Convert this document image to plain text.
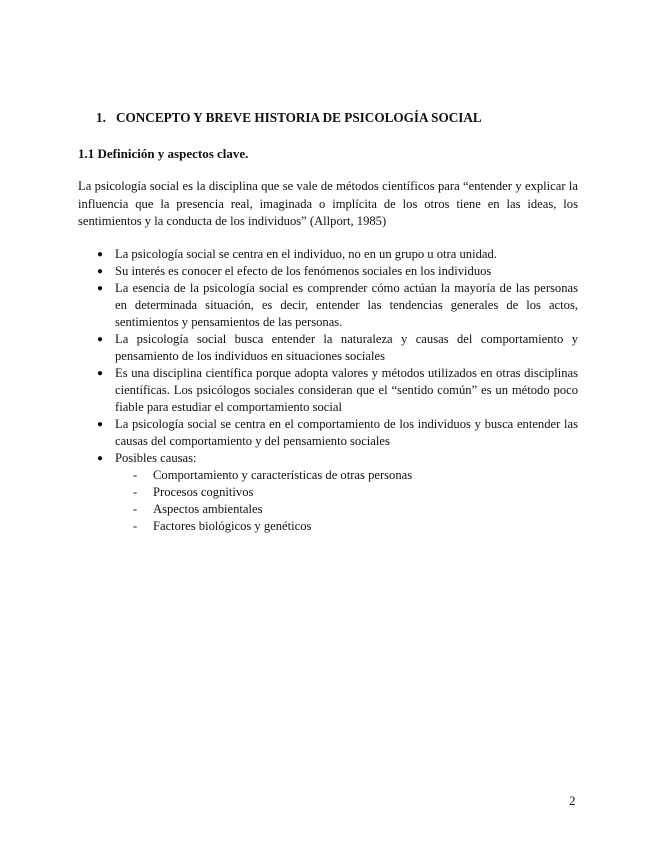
1. CONCEPTO Y BREVE HISTORIA DE PSICOLOGÍA SOCIAL
1.1 Definición y aspectos clave.

La psicología social es la disciplina que se vale de métodos científicos para “entender y explicar la influencia que la presencia real, imaginada o implícita de los otros tiene en las ideas, los sentimientos y la conducta de los individuos” (Allport, 1985)

● La psicología social se centra en el individuo, no en un grupo u otra unidad.
● Su interés es conocer el efecto de los fenómenos sociales en los individuos
● La esencia de la psicología social es comprender cómo actúan la mayoría de las personas en determinada situación, es decir, entender las tendencias generales de los actos, sentimientos y pensamientos de las personas.
● La psicología social busca entender la naturaleza y causas del comportamiento y pensamiento de los individuos en situaciones sociales
● Es una disciplina científica porque adopta valores y métodos utilizados en otras disciplinas científicas. Los psicólogos sociales consideran que el “sentido común” es un método poco fiable para estudiar el comportamiento social
● La psicología social se centra en el comportamiento de los individuos y busca entender las causas del comportamiento y del pensamiento sociales
● Posibles causas:
- Comportamiento y características de otras personas
- Procesos cognitivos
- Aspectos ambientales
- Factores biológicos y genéticos
2
